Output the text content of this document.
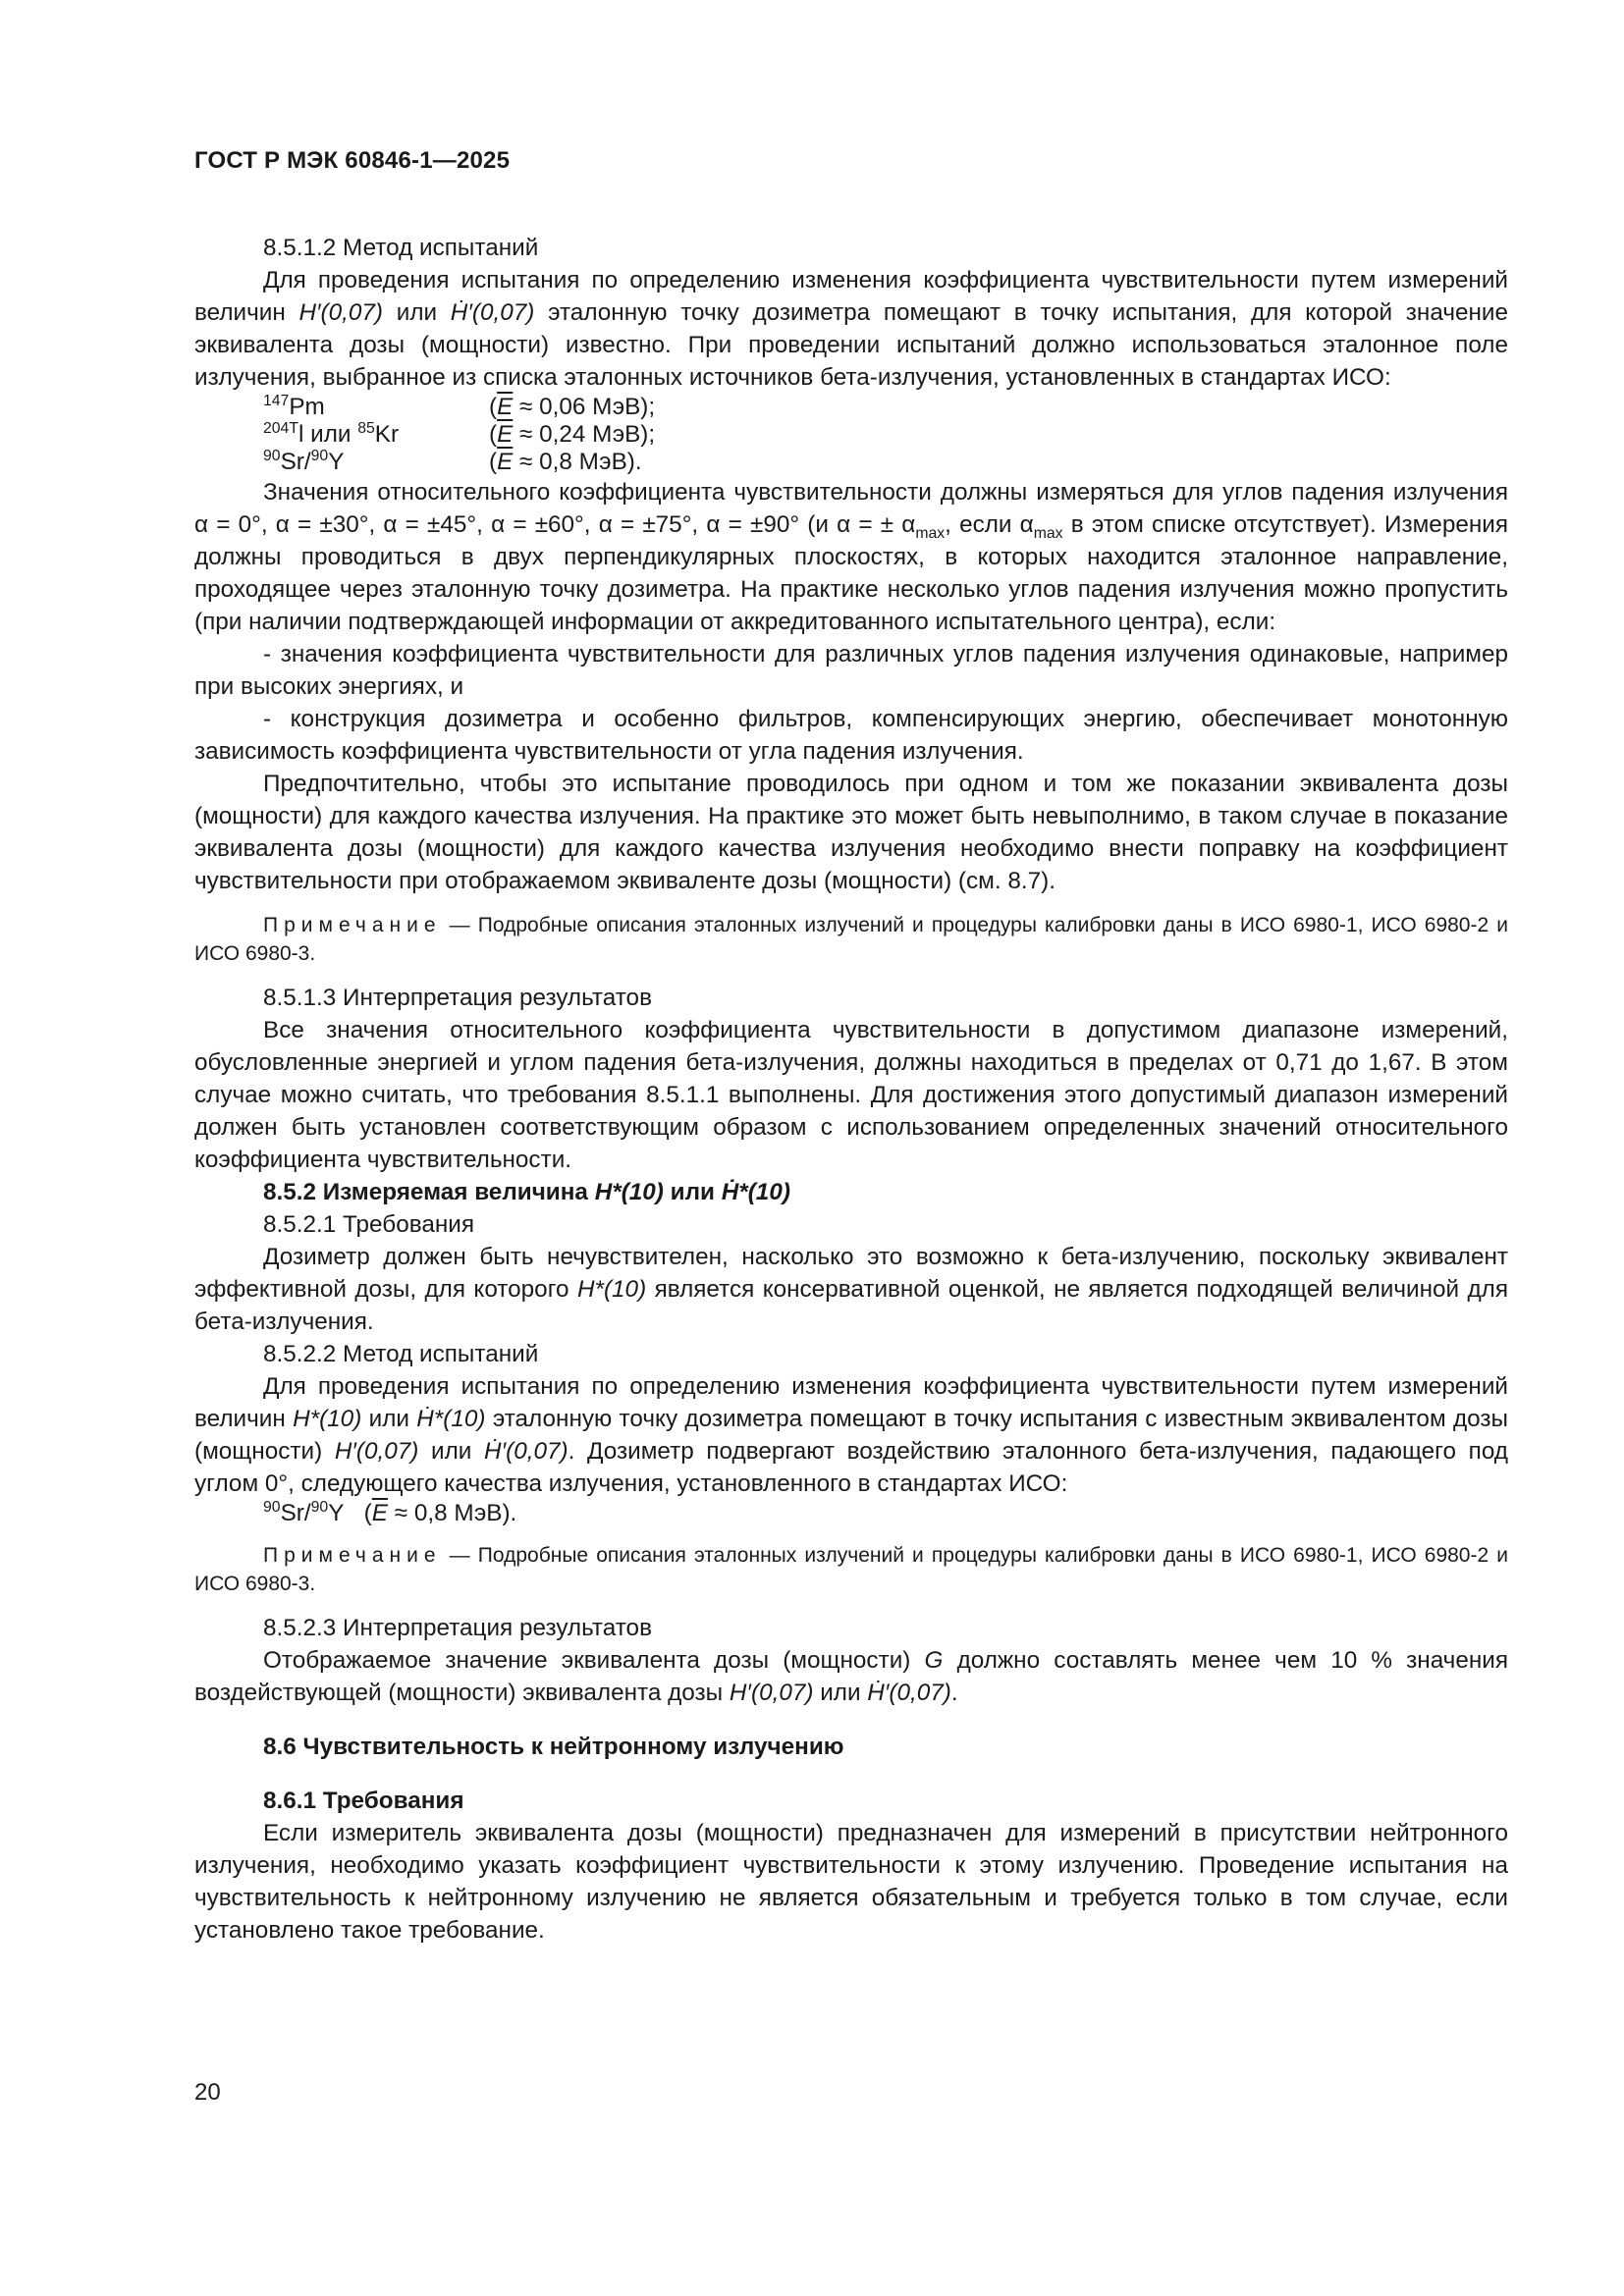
ГОСТ Р МЭК 60846-1—2025
8.5.1.2 Метод испытаний

Для проведения испытания по определению изменения коэффициента чувствительности путем измерений величин H′(0,07) или Ḣ′(0,07) эталонную точку дозиметра помещают в точку испытания, для которой значение эквивалента дозы (мощности) известно. При проведении испытаний должно использоваться эталонное поле излучения, выбранное из списка эталонных источников бета-излучения, установленных в стандартах ИСО:

$^{147}$Pm	($\overline{E} \approx 0,06$ МэВ);
$^{204T}$l или $^{85}$Kr	($\overline{E} \approx 0,24$ МэВ);
$^{90}$Sr/$^{90}$Y	($\overline{E} \approx 0,8$ МэВ).

Значения относительного коэффициента чувствительности должны измеряться для углов падения излучения α = 0°, α = ±30°, α = ±45°, α = ±60°, α = ±75°, α = ±90° (и α = ± $\alpha_{max}$, если $\alpha_{max}$ в этом списке отсутствует). Измерения должны проводиться в двух перпендикулярных плоскостях, в которых находится эталонное направление, проходящее через эталонную точку дозиметра. На практике несколько углов падения излучения можно пропустить (при наличии подтверждающей информации от аккредитованного испытательного центра), если:

- значения коэффициента чувствительности для различных углов падения излучения одинаковые, например при высоких энергиях, и

- конструкция дозиметра и особенно фильтров, компенсирующих энергию, обеспечивает монотонную зависимость коэффициента чувствительности от угла падения излучения.

Предпочтительно, чтобы это испытание проводилось при одном и том же показании эквивалента дозы (мощности) для каждого качества излучения. На практике это может быть невыполнимо, в таком случае в показание эквивалента дозы (мощности) для каждого качества излучения необходимо внести поправку на коэффициент чувствительности при отображаемом эквиваленте дозы (мощности) (см. 8.7).

Примечание — Подробные описания эталонных излучений и процедуры калибровки даны в ИСО 6980-1, ИСО 6980-2 и ИСО 6980-3.
8.5.1.3 Интерпретация результатов

Все значения относительного коэффициента чувствительности в допустимом диапазоне измерений, обусловленные энергией и углом падения бета-излучения, должны находиться в пределах от 0,71 до 1,67. В этом случае можно считать, что требования 8.5.1.1 выполнены. Для достижения этого допустимый диапазон измерений должен быть установлен соответствующим образом с использованием определенных значений относительного коэффициента чувствительности.

8.5.2 Измеряемая величина H*(10) или Ḣ*(10)
8.5.2.1 Требования

Дозиметр должен быть нечувствителен, насколько это возможно к бета-излучению, поскольку эквивалент эффективной дозы, для которого H*(10) является консервативной оценкой, не является подходящей величиной для бета-излучения.

8.5.2.2 Метод испытаний

Для проведения испытания по определению изменения коэффициента чувствительности путем измерений величин H*(10) или Ḣ*(10) эталонную точку дозиметра помещают в точку испытания с известным эквивалентом дозы (мощности) H′(0,07) или Ḣ′(0,07). Дозиметр подвергают воздействию эталонного бета-излучения, падающего под углом 0°, следующего качества излучения, установленного в стандартах ИСО:

$^{90}$Sr/$^{90}$Y ($\overline{E} \approx 0,8$ МэВ).
Примечание — Подробные описания эталонных излучений и процедуры калибровки даны в ИСО 6980-1, ИСО 6980-2 и ИСО 6980-3.
8.5.2.3 Интерпретация результатов

Отображаемое значение эквивалента дозы (мощности) G должно составлять менее чем 10 % значения воздействующей (мощности) эквивалента дозы H′(0,07) или Ḣ′(0,07).

8.6 Чувствительность к нейтронному излучению
8.6.1 Требования

Если измеритель эквивалента дозы (мощности) предназначен для измерений в присутствии нейтронного излучения, необходимо указать коэффициент чувствительности к этому излучению. Проведение испытания на чувствительность к нейтронному излучению не является обязательным и требуется только в том случае, если установлено такое требование.

20
